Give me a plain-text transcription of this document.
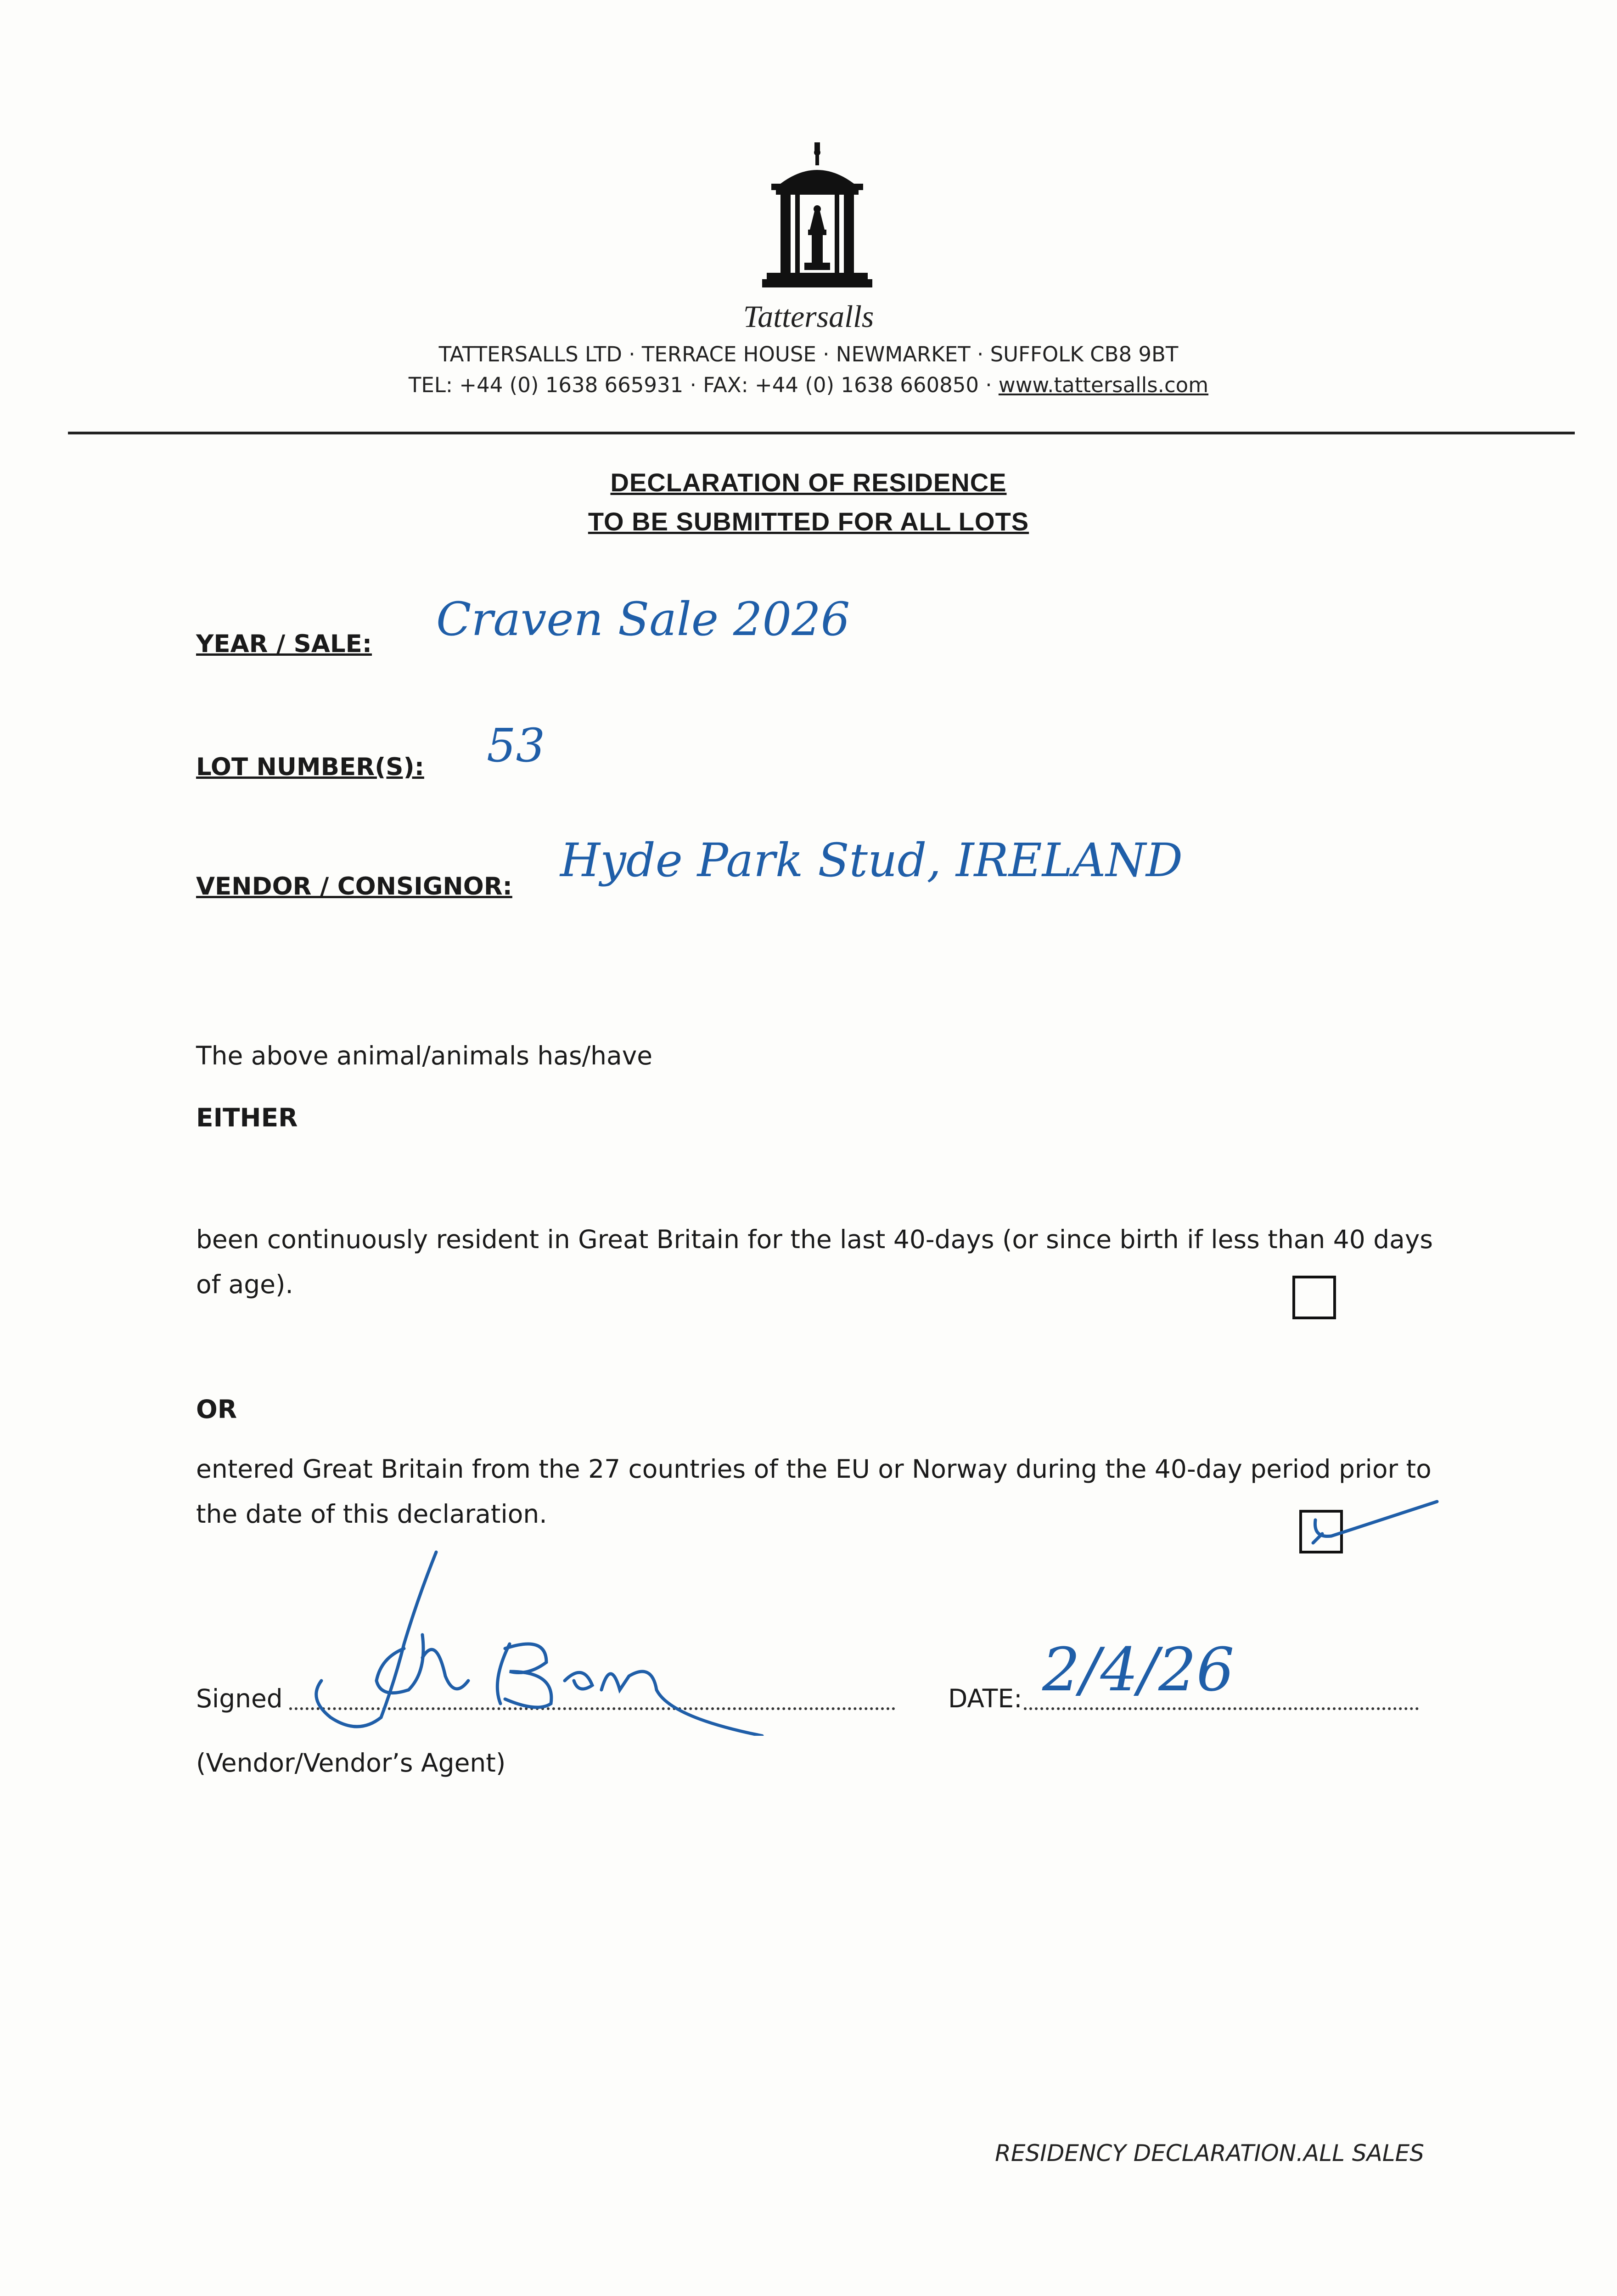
Tattersalls
TATTERSALLS LTD · TERRACE HOUSE · NEWMARKET · SUFFOLK CB8 9BT
TEL: +44 (0) 1638 665931 · FAX: +44 (0) 1638 660850 · www.tattersalls.com
DECLARATION OF RESIDENCE
TO BE SUBMITTED FOR ALL LOTS
YEAR / SALE: Craven Sale 2026
LOT NUMBER(S): 53
VENDOR / CONSIGNOR: Hyde Park Stud, IRELAND
The above animal/animals has/have
EITHER
been continuously resident in Great Britain for the last 40-days (or since birth if less than 40 days of age).
OR
entered Great Britain from the 27 countries of the EU or Norway during the 40-day period prior to the date of this declaration.
Signed	DATE: 2/4/26
(Vendor/Vendor’s Agent)
RESIDENCY DECLARATION.ALL SALES
